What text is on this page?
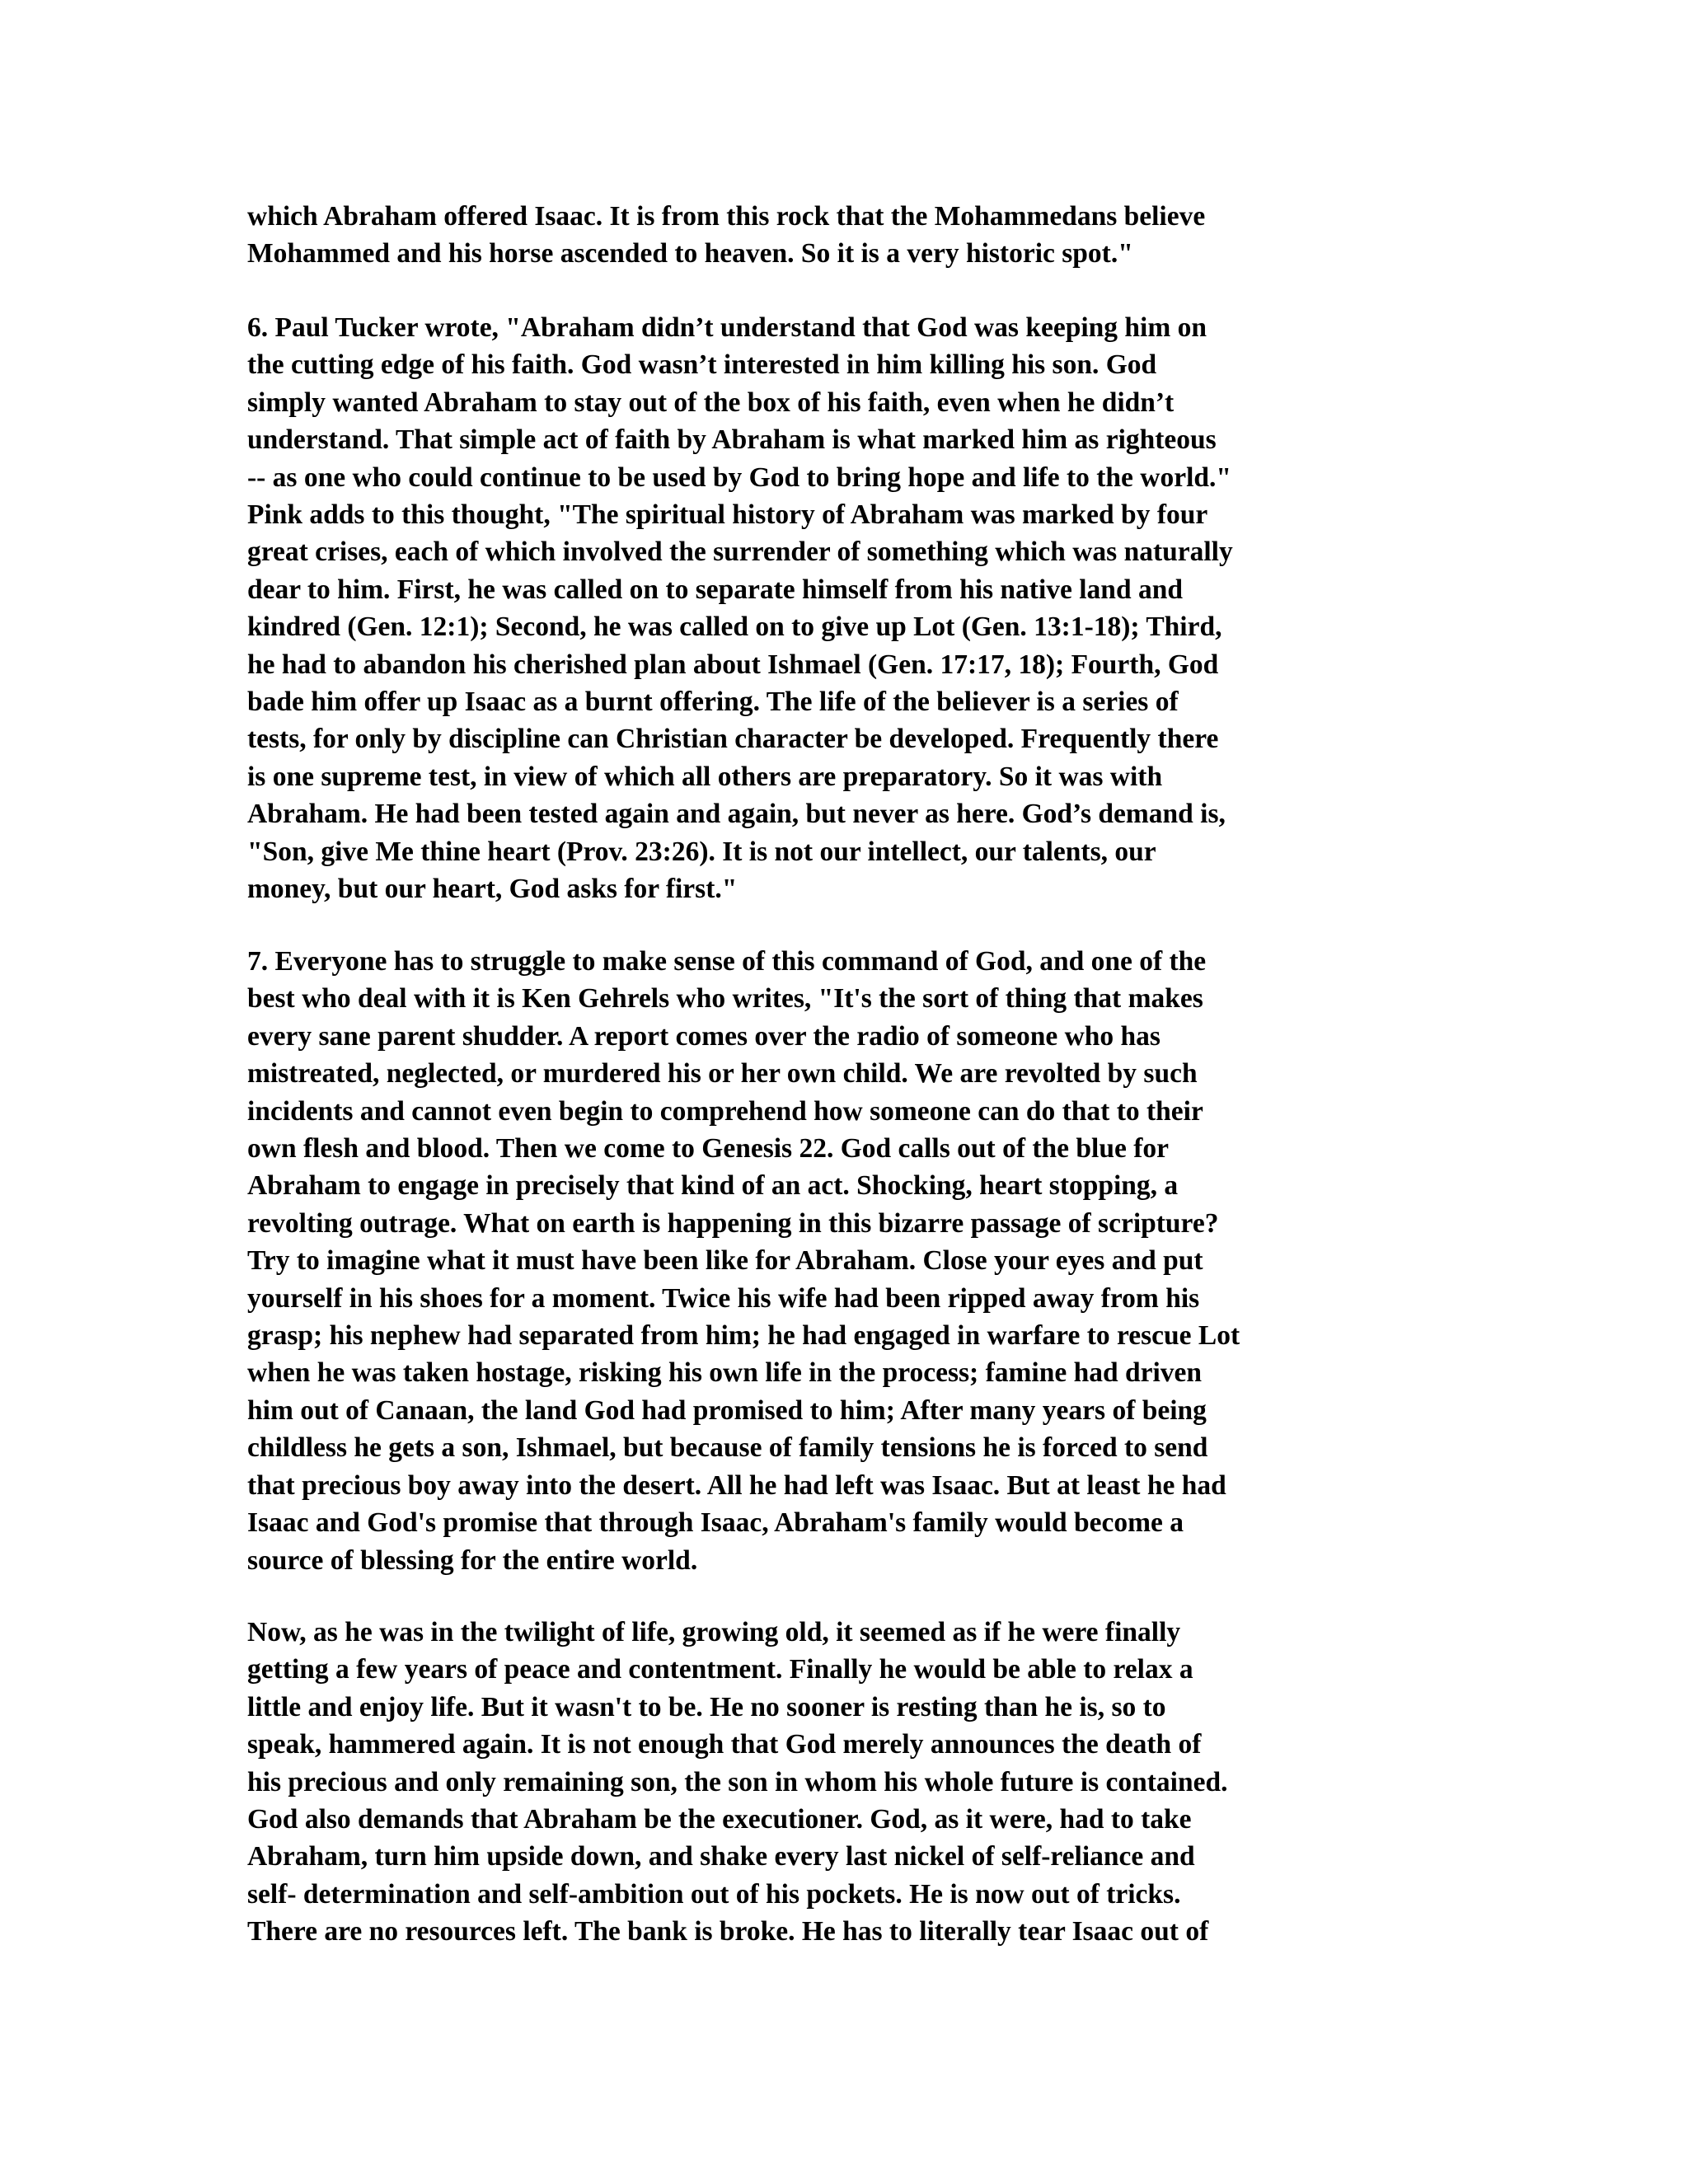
which Abraham offered Isaac. It is from this rock that the Mohammedans believe
Mohammed and his horse ascended to heaven. So it is a very historic spot."
6. Paul Tucker wrote, "Abraham didn’t understand that God was keeping him on
the cutting edge of his faith. God wasn’t interested in him killing his son. God
simply wanted Abraham to stay out of the box of his faith, even when he didn’t
understand. That simple act of faith by Abraham is what marked him as righteous
-- as one who could continue to be used by God to bring hope and life to the world."
Pink adds to this thought, "The spiritual history of Abraham was marked by four
great crises, each of which involved the surrender of something which was naturally
dear to him. First, he was called on to separate himself from his native land and
kindred (Gen. 12:1); Second, he was called on to give up Lot (Gen. 13:1-18); Third,
he had to abandon his cherished plan about Ishmael (Gen. 17:17, 18); Fourth, God
bade him offer up Isaac as a burnt offering. The life of the believer is a series of
tests, for only by discipline can Christian character be developed. Frequently there
is one supreme test, in view of which all others are preparatory. So it was with
Abraham. He had been tested again and again, but never as here. God’s demand is,
"Son, give Me thine heart (Prov. 23:26). It is not our intellect, our talents, our
money, but our heart, God asks for first."
7. Everyone has to struggle to make sense of this command of God, and one of the
best who deal with it is Ken Gehrels who writes, "It's the sort of thing that makes
every sane parent shudder. A report comes over the radio of someone who has
mistreated, neglected, or murdered his or her own child. We are revolted by such
incidents and cannot even begin to comprehend how someone can do that to their
own flesh and blood. Then we come to Genesis 22. God calls out of the blue for
Abraham to engage in precisely that kind of an act. Shocking, heart stopping, a
revolting outrage. What on earth is happening in this bizarre passage of scripture?
Try to imagine what it must have been like for Abraham. Close your eyes and put
yourself in his shoes for a moment. Twice his wife had been ripped away from his
grasp; his nephew had separated from him; he had engaged in warfare to rescue Lot
when he was taken hostage, risking his own life in the process; famine had driven
him out of Canaan, the land God had promised to him; After many years of being
childless he gets a son, Ishmael, but because of family tensions he is forced to send
that precious boy away into the desert. All he had left was Isaac. But at least he had
Isaac and God's promise that through Isaac, Abraham's family would become a
source of blessing for the entire world.
Now, as he was in the twilight of life, growing old, it seemed as if he were finally
getting a few years of peace and contentment. Finally he would be able to relax a
little and enjoy life. But it wasn't to be. He no sooner is resting than he is, so to
speak, hammered again. It is not enough that God merely announces the death of
his precious and only remaining son, the son in whom his whole future is contained.
God also demands that Abraham be the executioner. God, as it were, had to take
Abraham, turn him upside down, and shake every last nickel of self-reliance and
self- determination and self-ambition out of his pockets. He is now out of tricks.
There are no resources left. The bank is broke. He has to literally tear Isaac out of
